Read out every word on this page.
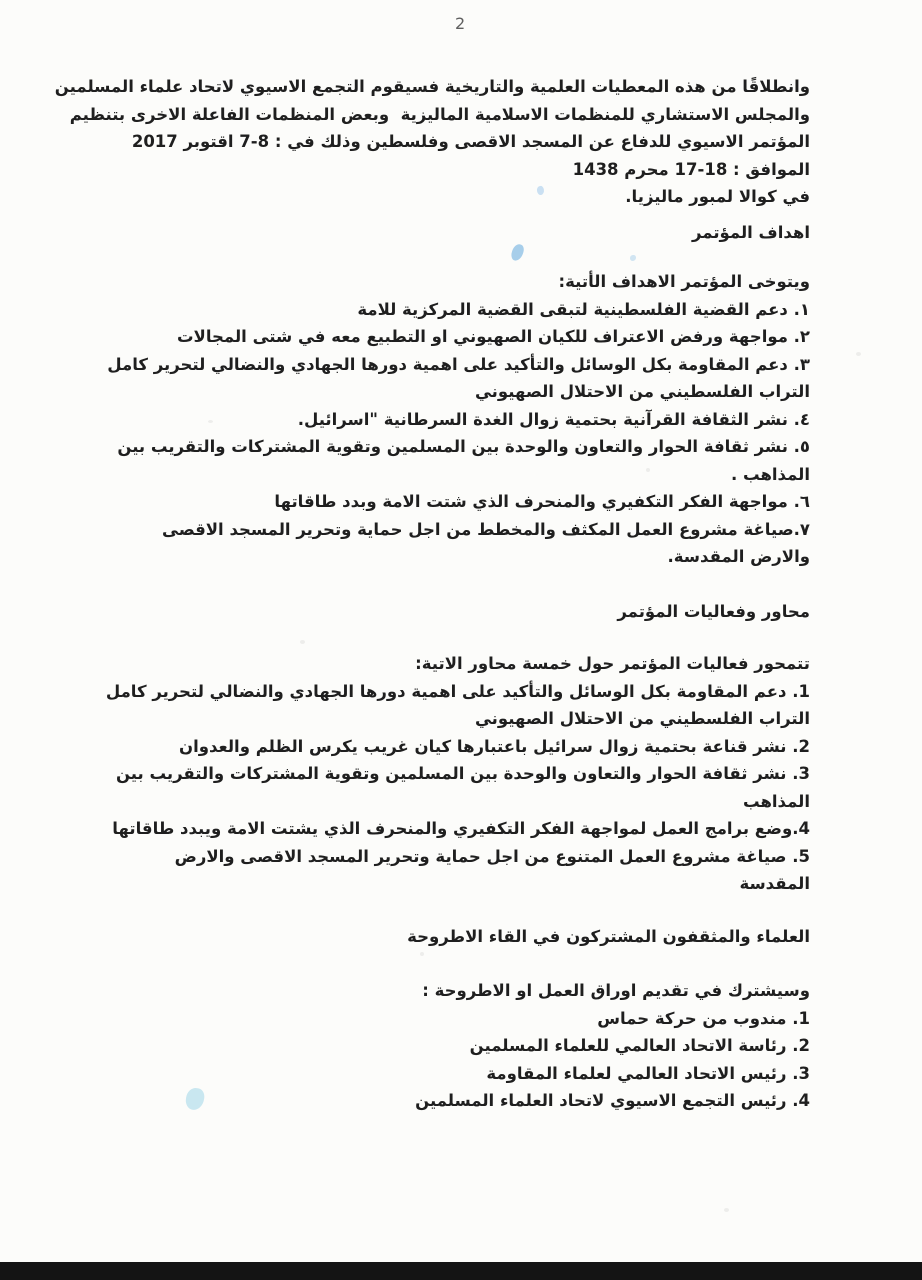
2
وانطلاقًا من هذه المعطيات العلمية والتاريخية فسيقوم التجمع الاسيوي لاتحاد علماء المسلمين
والمجلس الاستشاري للمنظمات الاسلامية الماليزية  وبعض المنظمات الفاعلة الاخرى بتنظيم
المؤتمر الاسيوي للدفاع عن المسجد الاقصى وفلسطين وذلك في : 8-7 اقتوبر 2017
الموافق : 18-17 محرم 1438
في كوالا لمبور ماليزيا.
اهداف المؤتمر
ويتوخى المؤتمر الاهداف الأتية:
١. دعم القضية الفلسطينية لتبقى القضية المركزية للامة
٢. مواجهة ورفض الاعتراف للكيان الصهيوني او التطبيع معه في شتى المجالات
٣. دعم المقاومة بكل الوسائل والتأكيد على اهمية دورها الجهادي والنضالي لتحرير كامل
التراب الفلسطيني من الاحتلال الصهيوني
٤. نشر الثقافة القرآنية بحتمية زوال الغدة السرطانية "اسرائيل.
٥. نشر ثقافة الحوار والتعاون والوحدة بين المسلمين وتقوية المشتركات والتقريب بين
المذاهب .
٦. مواجهة الفكر التكفيري والمنحرف الذي شتت الامة وبدد طاقاتها
٧.صياغة مشروع العمل المكثف والمخطط من اجل حماية وتحرير المسجد الاقصى
والارض المقدسة.
محاور وفعاليات المؤتمر
تتمحور فعاليات المؤتمر حول خمسة محاور الاتية:
1. دعم المقاومة بكل الوسائل والتأكيد على اهمية دورها الجهادي والنضالي لتحرير كامل
التراب الفلسطيني من الاحتلال الصهيوني
2. نشر قناعة بحتمية زوال سرائيل باعتبارها كيان غريب يكرس الظلم والعدوان
3. نشر ثقافة الحوار والتعاون والوحدة بين المسلمين وتقوية المشتركات والتقريب بين
المذاهب
4.وضع برامج العمل لمواجهة الفكر التكفيري والمنحرف الذي يشتت الامة ويبدد طاقاتها
5. صياغة مشروع العمل المتنوع من اجل حماية وتحرير المسجد الاقصى والارض
المقدسة
العلماء والمثقفون المشتركون في القاء الاطروحة
وسيشترك في تقديم اوراق العمل او الاطروحة :
1. مندوب من حركة حماس
2. رئاسة الاتحاد العالمي للعلماء المسلمين
3. رئيس الاتحاد العالمي لعلماء المقاومة
4. رئيس التجمع الاسيوي لاتحاد العلماء المسلمين
